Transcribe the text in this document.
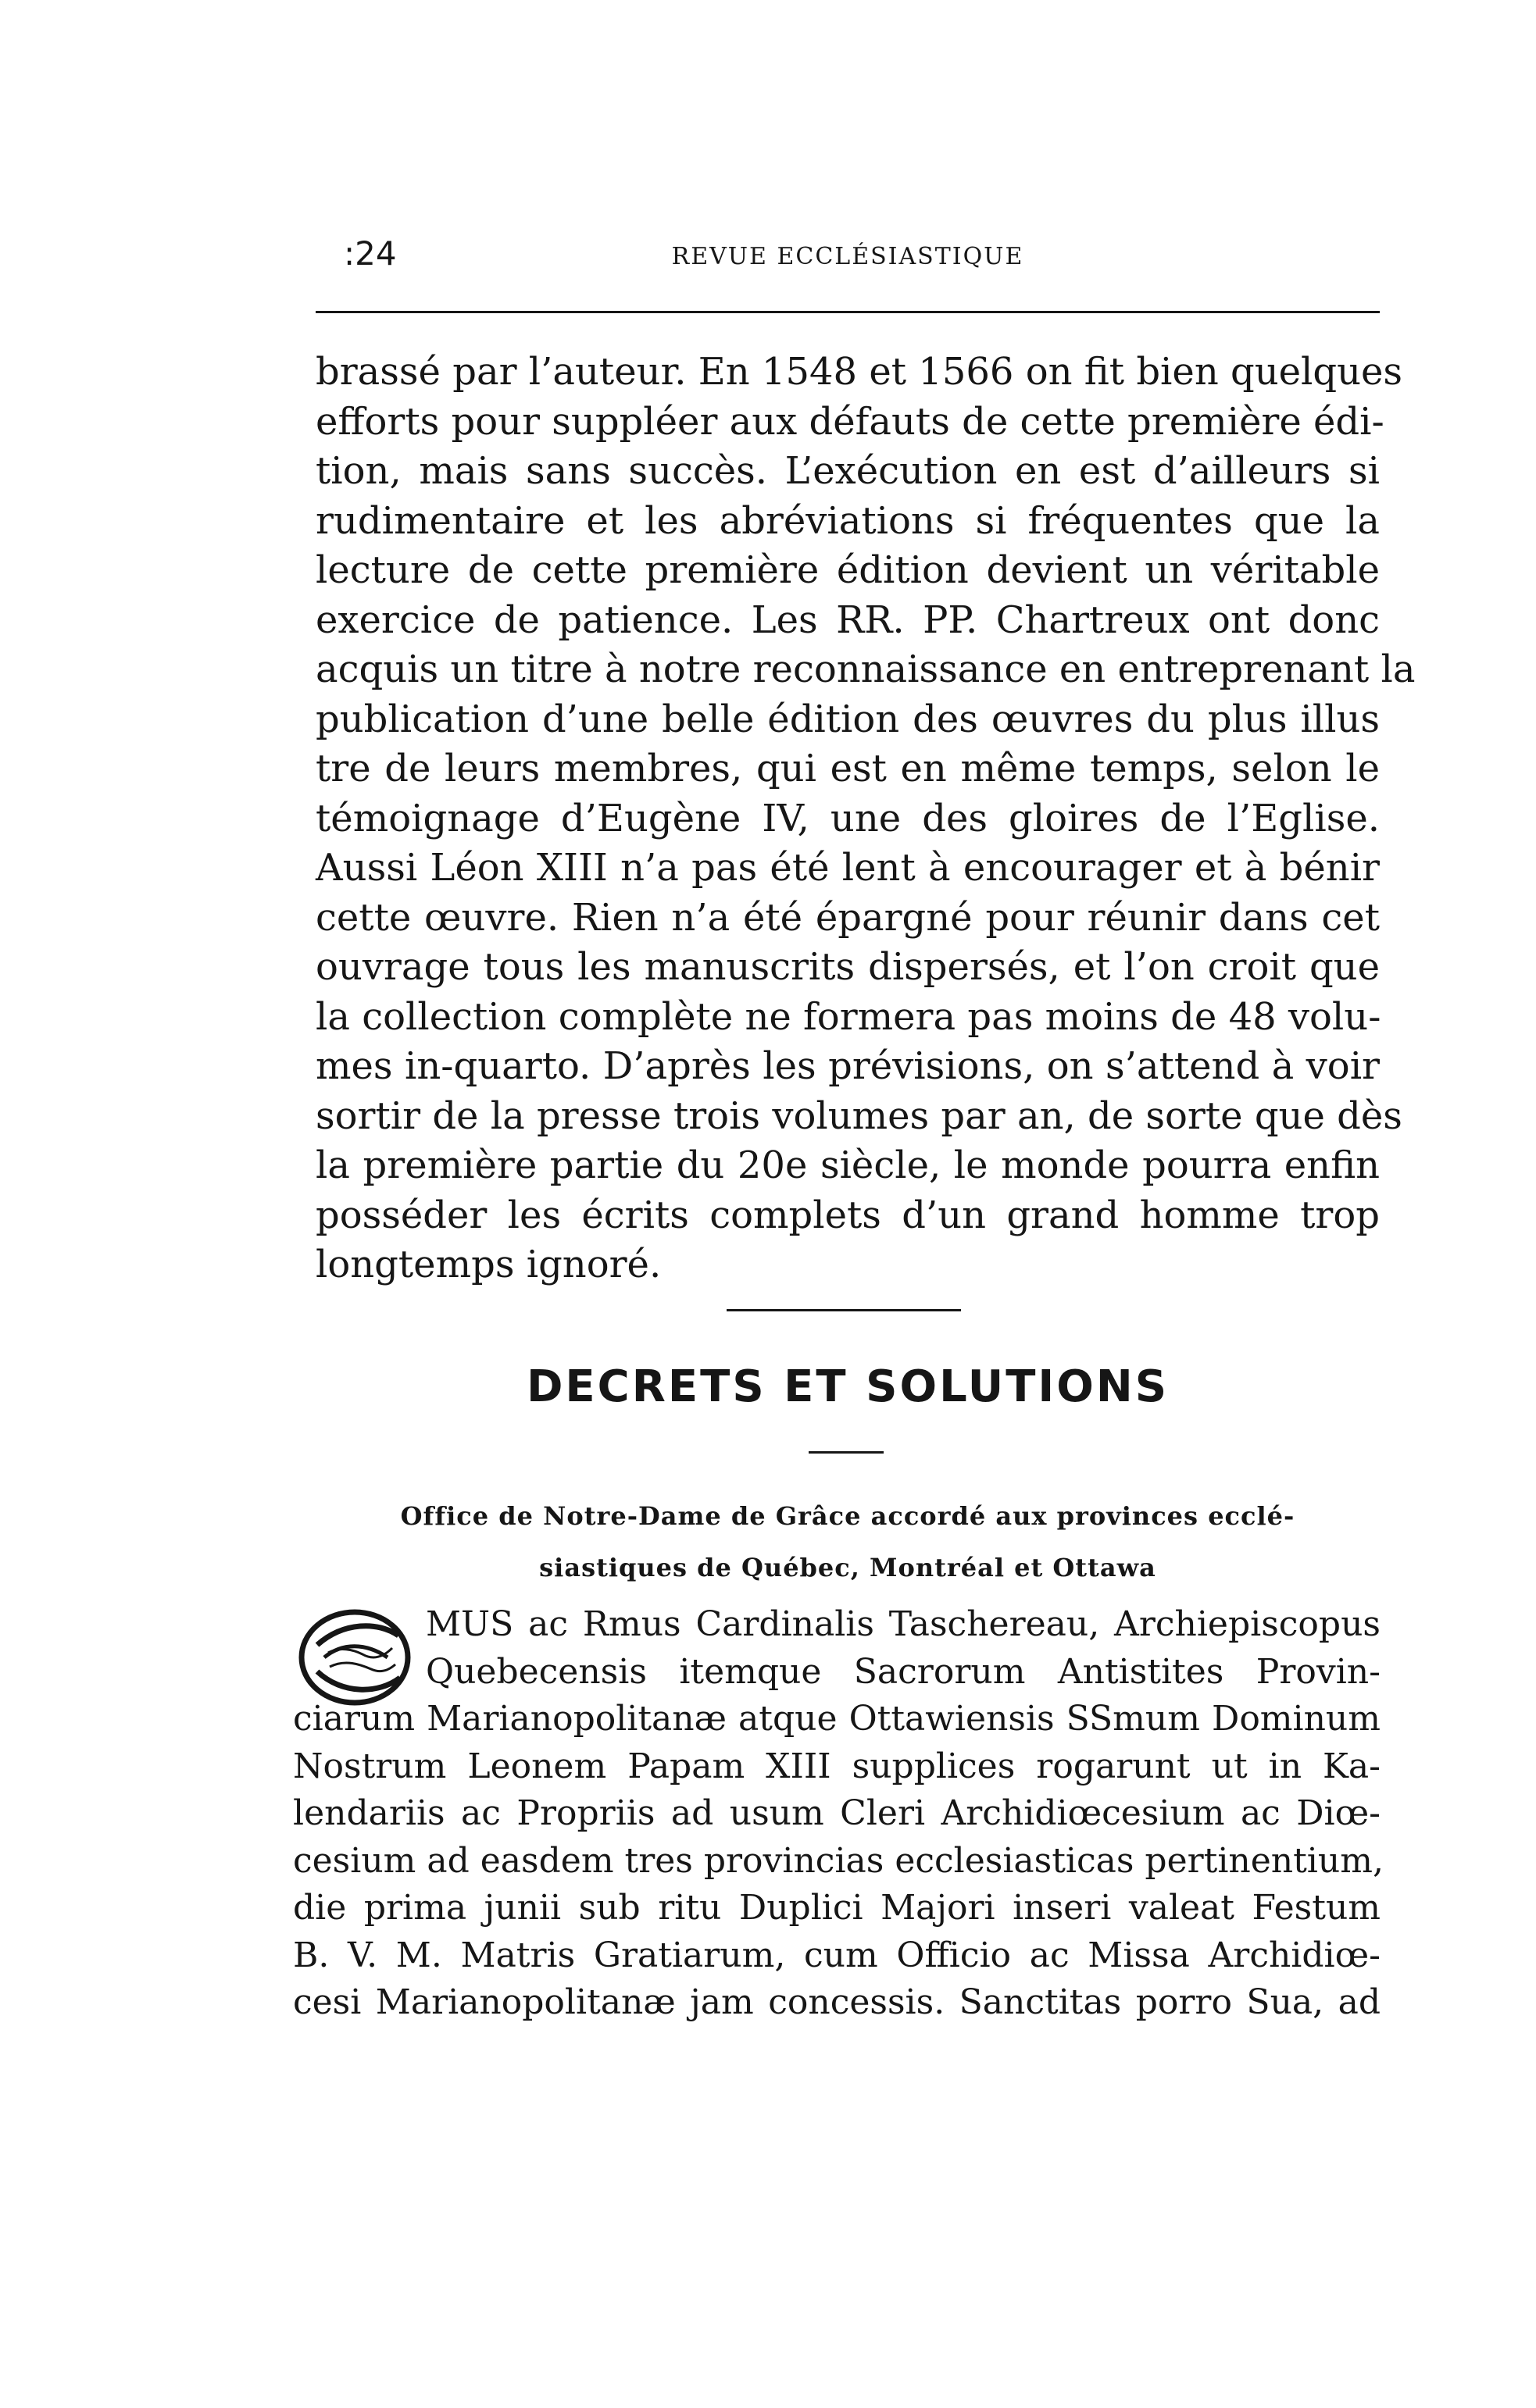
:24	REVUE ECCLÉSIASTIQUE
brassé par l’auteur. En 1548 et 1566 on fit bien quelques
efforts pour suppléer aux défauts de cette première édi-
tion, mais sans succès. L’exécution en est d’ailleurs si
rudimentaire et les abréviations si fréquentes que la
lecture de cette première édition devient un véritable
exercice de patience. Les RR. PP. Chartreux ont donc
acquis un titre à notre reconnaissance en entreprenant la
publication d’une belle édition des œuvres du plus illus
tre de leurs membres, qui est en même temps, selon le
témoignage d’Eugène IV, une des gloires de l’Eglise.
Aussi Léon XIII n’a pas été lent à encourager et à bénir
cette œuvre. Rien n’a été épargné pour réunir dans cet
ouvrage tous les manuscrits dispersés, et l’on croit que
la collection complète ne formera pas moins de 48 volu-
mes in-quarto. D’après les prévisions, on s’attend à voir
sortir de la presse trois volumes par an, de sorte que dès
la première partie du 20e siècle, le monde pourra enfin
posséder les écrits complets d’un grand homme trop
longtemps ignoré.
DECRETS ET SOLUTIONS
Office de Notre-Dame de Grâce accordé aux provinces ecclé-
siastiques de Québec, Montréal et Ottawa
MUS ac Rmus Cardinalis Taschereau, Archiepiscopus
Quebecensis itemque Sacrorum Antistites Provin-
ciarum Marianopolitanæ atque Ottawiensis SSmum Dominum
Nostrum Leonem Papam XIII supplices rogarunt ut in Ka-
lendariis ac Propriis ad usum Cleri Archidiœcesium ac Diœ-
cesium ad easdem tres provincias ecclesiasticas pertinentium,
die prima junii sub ritu Duplici Majori inseri valeat Festum
B. V. M. Matris Gratiarum, cum Officio ac Missa Archidiœ-
cesi Marianopolitanæ jam concessis. Sanctitas porro Sua, ad
